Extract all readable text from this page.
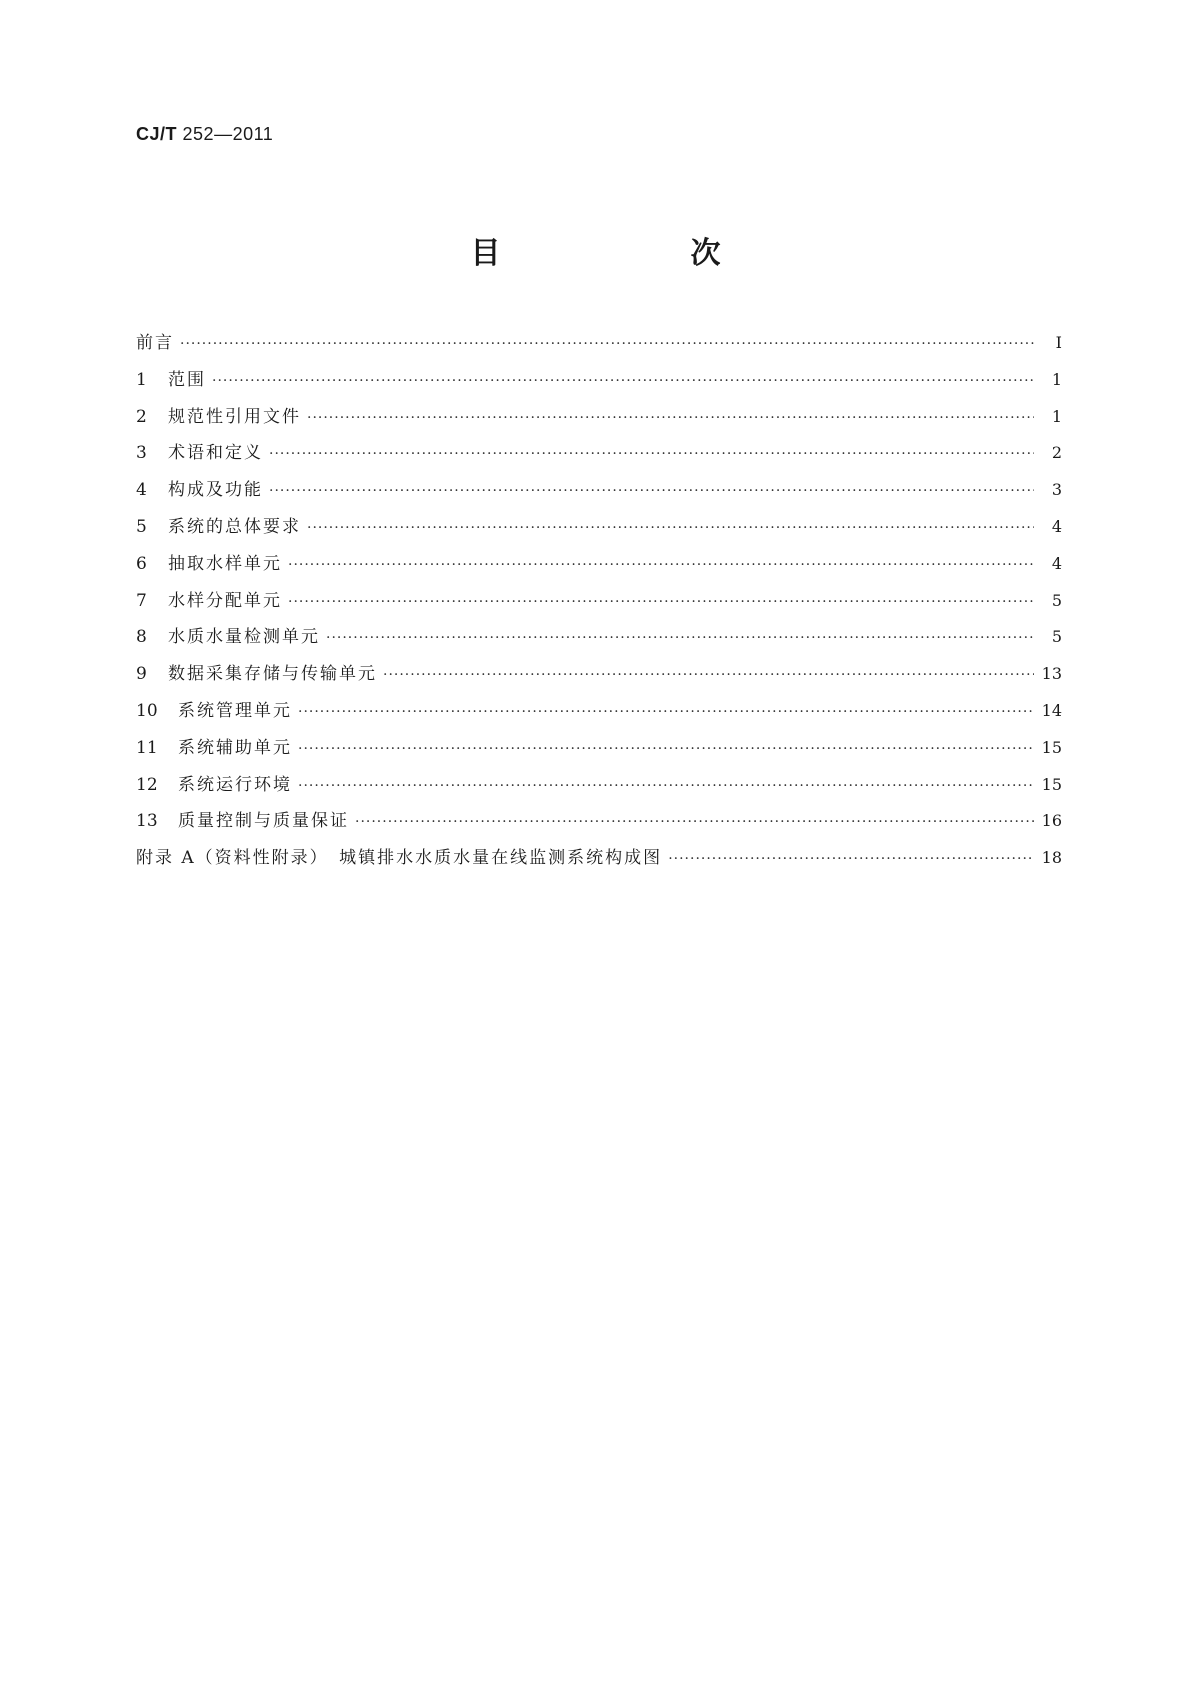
CJ/T 252—2011
目　次
前言 ·····	Ⅰ
1	范围 ·····	1
2	规范性引用文件 ·····	1
3	术语和定义 ·····	2
4	构成及功能 ·····	3
5	系统的总体要求 ·····	4
6	抽取水样单元 ·····	4
7	水样分配单元 ·····	5
8	水质水量检测单元 ·····	5
9	数据采集存储与传输单元 ·····	13
10	系统管理单元 ·····	14
11	系统辅助单元 ·····	15
12	系统运行环境 ·····	15
13	质量控制与质量保证 ·····	16
附录 A（资料性附录）　城镇排水水质水量在线监测系统构成图 ·····	18
